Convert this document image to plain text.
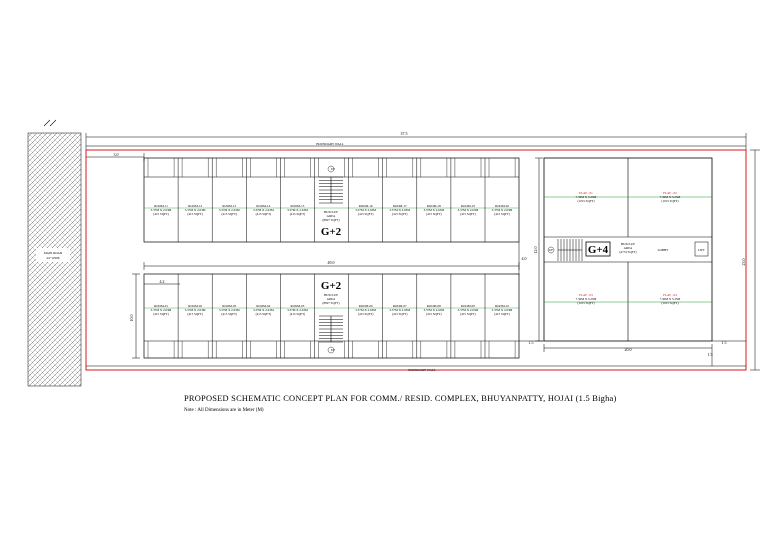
MAIN ROAD
4.0' WIDE
37.5
23.0
3.0
BOUNDARY WALL
BOUNDARY WALL
ROOM-11
3.37M X 2.63M
(415 SQFT)
ROOM-12
3.37M X 2.63M
(415 SQFT)
ROOM-13
3.37M X 2.63M
(415 SQFT)
ROOM-14
3.37M X 2.63M
(415 SQFT)
ROOM-15
3.37M X 2.63M
(415 SQFT)
ROOM-16
3.37M X 2.63M
(415 SQFT)
ROOM-17
3.37M X 2.63M
(415 SQFT)
ROOM-18
3.37M X 2.63M
(415 SQFT)
ROOM-19
3.37M X 2.63M
(415 SQFT)
ROOM-20
3.37M X 2.63M
(415 SQFT)
UP
BUILT-UP
AREA
(8827 SQFT)
G+2
49.0
4.0
4.2
10.0
ROOM-01
3.37M X 2.63M
(415 SQFT)
ROOM-02
3.37M X 2.63M
(415 SQFT)
ROOM-03
3.37M X 2.63M
(415 SQFT)
ROOM-04
3.37M X 2.63M
(415 SQFT)
ROOM-05
3.37M X 2.63M
(415 SQFT)
ROOM-06
3.37M X 2.63M
(415 SQFT)
ROOM-07
3.37M X 2.63M
(415 SQFT)
ROOM-08
3.37M X 2.63M
(415 SQFT)
ROOM-09
3.37M X 2.63M
(415 SQFT)
ROOM-10
3.37M X 2.63M
(415 SQFT)
UP
G+2
BUILT-UP
AREA
(8827 SQFT)
G+4	BUILT-UP
AREA
(4774 SQFT)	LOBBY	LIFT
UP
FLAT - 01
7.30M X 3.25M
(1015 SQFT)
FLAT - 02
7.30M X 3.25M
(1015 SQFT)
FLAT - 03
7.30M X 3.25M
(1015 SQFT)
FLAT - 04
7.30M X 3.25M
(1015 SQFT)
12.0
20.0
1.5
1.5
1.5
PROPOSED SCHEMATIC CONCEPT PLAN FOR COMM./ RESID. COMPLEX, BHUYANPATTY, HOJAI (1.5 Bigha)
Note : All Dimensions are in Meter (M)
